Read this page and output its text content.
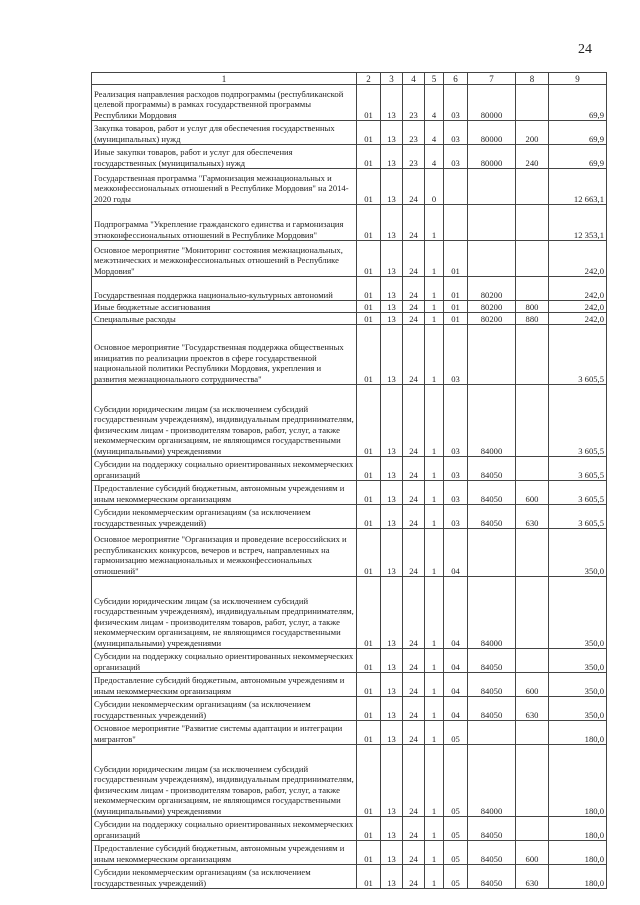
24
1	2	3	4	5	6	7	8	9
Реализация направления расходов подпрограммы (республиканской целевой программы) в рамках государственной программы Республики Мордовия	01	13	23	4	03	80000		69,9
Закупка товаров, работ и услуг для обеспечения государственных (муниципальных) нужд	01	13	23	4	03	80000	200	69,9
Иные закупки товаров, работ и услуг для обеспечения государственных (муниципальных) нужд	01	13	23	4	03	80000	240	69,9
Государственная программа "Гармонизация межнациональных и межконфессиональных отношений в Республике Мордовия" на 2014-2020 годы	01	13	24	0				12 663,1
Подпрограмма "Укрепление гражданского единства и гармонизация этноконфессиональных отношений в Республике Мордовия"	01	13	24	1				12 353,1
Основное мероприятие "Мониторинг состояния межнациональных, межэтнических и межконфессиональных отношений в Республике Мордовия"	01	13	24	1	01			242,0
Государственная поддержка национально-культурных автономий	01	13	24	1	01	80200		242,0
Иные бюджетные ассигнования	01	13	24	1	01	80200	800	242,0
Специальные расходы	01	13	24	1	01	80200	880	242,0
Основное мероприятие "Государственная поддержка общественных инициатив по реализации проектов в сфере государственной национальной политики Республики Мордовия, укрепления и развития межнационального сотрудничества"	01	13	24	1	03			3 605,5
Субсидии юридическим лицам (за исключением субсидий государственным учреждениям), индивидуальным предпринимателям, физическим лицам - производителям товаров, работ, услуг, а также некоммерческим организациям, не являющимся государственными (муниципальными) учреждениями	01	13	24	1	03	84000		3 605,5
Субсидии на поддержку социально ориентированных некоммерческих организаций	01	13	24	1	03	84050		3 605,5
Предоставление субсидий бюджетным, автономным учреждениям и иным некоммерческим организациям	01	13	24	1	03	84050	600	3 605,5
Субсидии некоммерческим организациям (за исключением государственных учреждений)	01	13	24	1	03	84050	630	3 605,5
Основное мероприятие "Организация и проведение всероссийских и республиканских конкурсов, вечеров и встреч, направленных на гармонизацию межнациональных и межконфессиональных отношений"	01	13	24	1	04			350,0
Субсидии юридическим лицам (за исключением субсидий государственным учреждениям), индивидуальным предпринимателям, физическим лицам - производителям товаров, работ, услуг, а также некоммерческим организациям, не являющимся государственными (муниципальными) учреждениями	01	13	24	1	04	84000		350,0
Субсидии на поддержку социально ориентированных некоммерческих организаций	01	13	24	1	04	84050		350,0
Предоставление субсидий бюджетным, автономным учреждениям и иным некоммерческим организациям	01	13	24	1	04	84050	600	350,0
Субсидии некоммерческим организациям (за исключением государственных учреждений)	01	13	24	1	04	84050	630	350,0
Основное мероприятие "Развитие системы адаптации и интеграции мигрантов"	01	13	24	1	05			180,0
Субсидии юридическим лицам (за исключением субсидий государственным учреждениям), индивидуальным предпринимателям, физическим лицам - производителям товаров, работ, услуг, а также некоммерческим организациям, не являющимся государственными (муниципальными) учреждениями	01	13	24	1	05	84000		180,0
Субсидии на поддержку социально ориентированных некоммерческих организаций	01	13	24	1	05	84050		180,0
Предоставление субсидий бюджетным, автономным учреждениям и иным некоммерческим организациям	01	13	24	1	05	84050	600	180,0
Субсидии некоммерческим организациям (за исключением государственных учреждений)	01	13	24	1	05	84050	630	180,0
